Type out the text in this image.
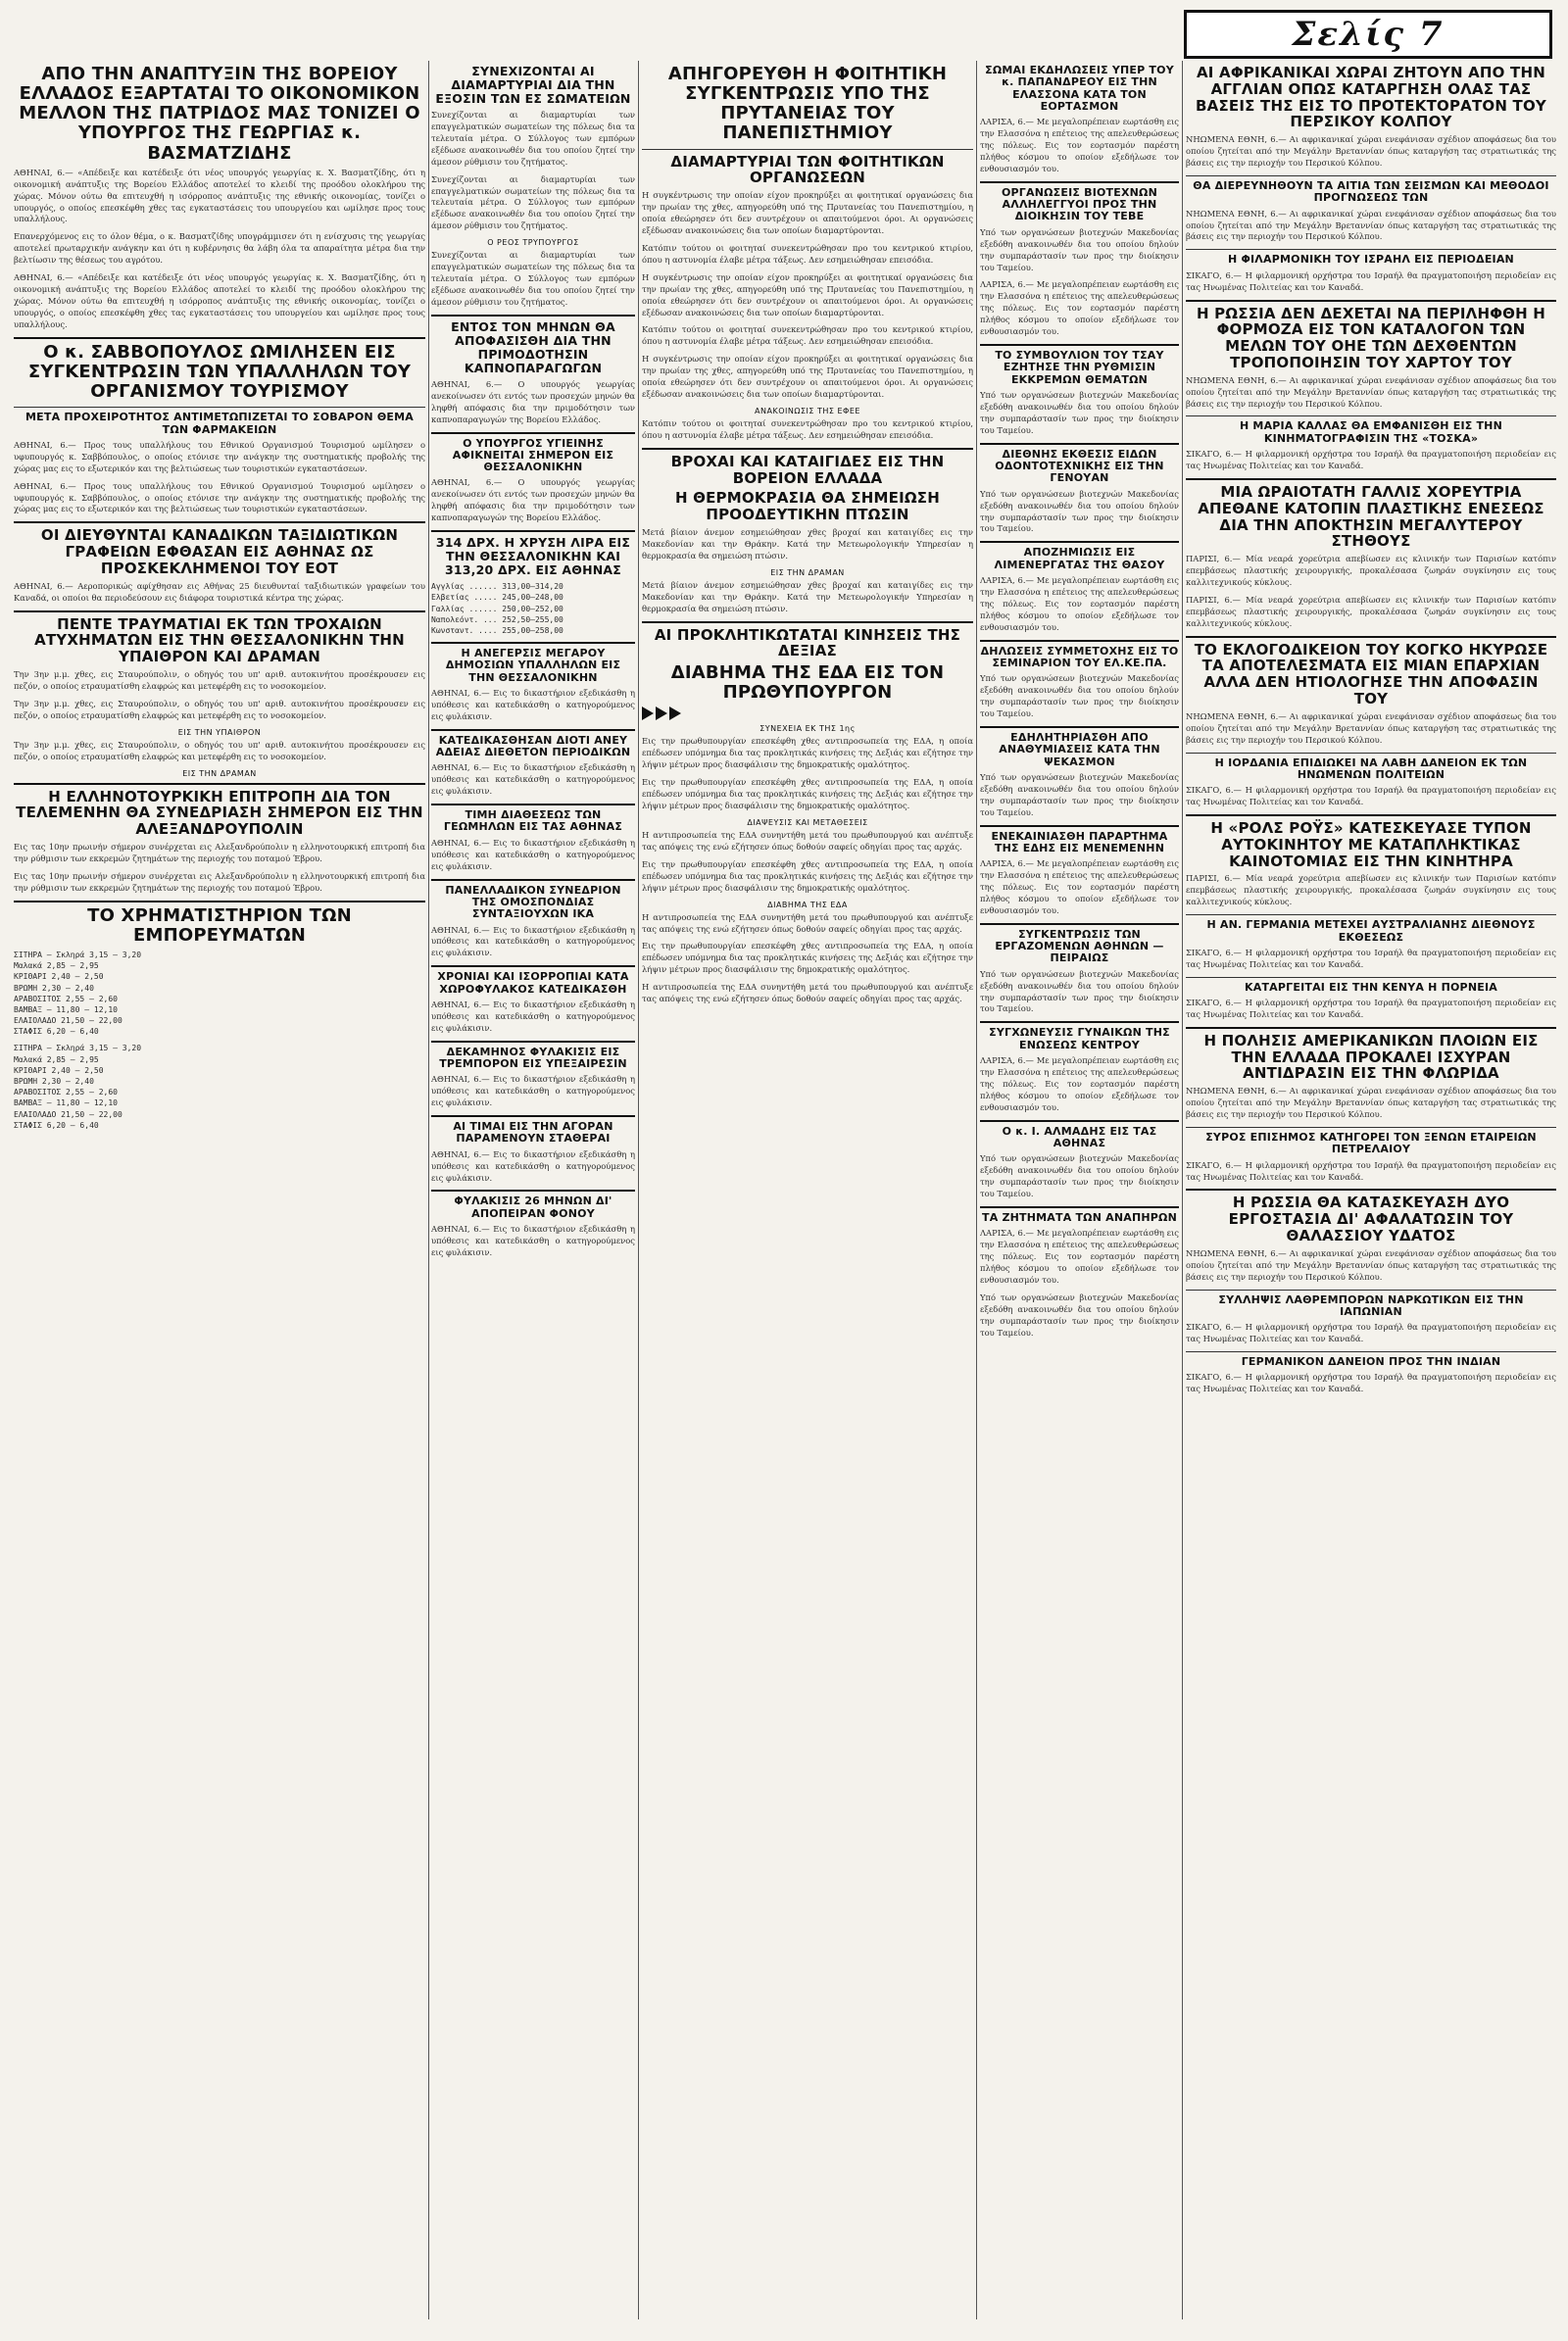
Σελίς 7
ΑΠΟ ΤΗΝ ΑΝΑΠΤΥΞΙΝ ΤΗΣ ΒΟΡΕΙΟΥ ΕΛΛΑΔΟΣ ΕΞΑΡΤΑΤΑΙ ΤΟ ΟΙΚΟΝΟΜΙΚΟΝ ΜΕΛΛΟΝ ΤΗΣ ΠΑΤΡΙΔΟΣ ΜΑΣ ΤΟΝΙΖΕΙ Ο ΥΠΟΥΡΓΟΣ ΤΗΣ ΓΕΩΡΓΙΑΣ κ. ΒΑΣΜΑΤΖΙΔΗΣ

ΑΘΗΝΑΙ, 6.— «Απέδειξε και κατέδειξε ότι νέος υπουργός γεωργίας κ. Χ. Βασματζίδης, ότι η οικονομική ανάπτυξις της Βορείου Ελλάδος αποτελεί το κλειδί της προόδου ολοκλήρου της χώρας. Μόνον ούτω θα επιτευχθή η ισόρροπος ανάπτυξις της εθνικής οικονομίας, τονίζει ο υπουργός, ο οποίος επεσκέφθη χθες τας εγκαταστάσεις του υπουργείου και ωμίλησε προς τους υπαλλήλους.

Επανερχόμενος εις το όλον θέμα, ο κ. Βασματζίδης υπογράμμισεν ότι η ενίσχυσις της γεωργίας αποτελεί πρωταρχικήν ανάγκην και ότι η κυβέρνησις θα λάβη όλα τα απαραίτητα μέτρα δια την βελτίωσιν της θέσεως του αγρότου.

ΑΘΗΝΑΙ, 6.— «Απέδειξε και κατέδειξε ότι νέος υπουργός γεωργίας κ. Χ. Βασματζίδης, ότι η οικονομική ανάπτυξις της Βορείου Ελλάδος αποτελεί το κλειδί της προόδου ολοκλήρου της χώρας. Μόνον ούτω θα επιτευχθή η ισόρροπος ανάπτυξις της εθνικής οικονομίας, τονίζει ο υπουργός, ο οποίος επεσκέφθη χθες τας εγκαταστάσεις του υπουργείου και ωμίλησε προς τους υπαλλήλους.

Ο κ. ΣΑΒΒΟΠΟΥΛΟΣ ΩΜΙΛΗΣΕΝ ΕΙΣ ΣΥΓΚΕΝΤΡΩΣΙΝ ΤΩΝ ΥΠΑΛΛΗΛΩΝ ΤΟΥ ΟΡΓΑΝΙΣΜΟΥ ΤΟΥΡΙΣΜΟΥ
ΜΕΤΑ ΠΡΟΧΕΙΡΟΤΗΤΟΣ ΑΝΤΙΜΕΤΩΠΙΖΕΤΑΙ ΤΟ ΣΟΒΑΡΟΝ ΘΕΜΑ ΤΩΝ ΦΑΡΜΑΚΕΙΩΝ

ΑΘΗΝΑΙ, 6.— Προς τους υπαλλήλους του Εθνικού Οργανισμού Τουρισμού ωμίλησεν ο υφυπουργός κ. Σαββόπουλος, ο οποίος ετόνισε την ανάγκην της συστηματικής προβολής της χώρας μας εις το εξωτερικόν και της βελτιώσεως των τουριστικών εγκαταστάσεων.

ΑΘΗΝΑΙ, 6.— Προς τους υπαλλήλους του Εθνικού Οργανισμού Τουρισμού ωμίλησεν ο υφυπουργός κ. Σαββόπουλος, ο οποίος ετόνισε την ανάγκην της συστηματικής προβολής της χώρας μας εις το εξωτερικόν και της βελτιώσεως των τουριστικών εγκαταστάσεων.

ΟΙ ΔΙΕΥΘΥΝΤΑΙ ΚΑΝΑΔΙΚΩΝ ΤΑΞΙΔΙΩΤΙΚΩΝ ΓΡΑΦΕΙΩΝ ΕΦΘΑΣΑΝ ΕΙΣ ΑΘΗΝΑΣ ΩΣ ΠΡΟΣΚΕΚΛΗΜΕΝΟΙ ΤΟΥ ΕΟΤ

ΑΘΗΝΑΙ, 6.— Αεροπορικώς αφίχθησαν εις Αθήνας 25 διευθυνταί ταξιδιωτικών γραφείων του Καναδά, οι οποίοι θα περιοδεύσουν εις διάφορα τουριστικά κέντρα της χώρας.

ΠΕΝΤΕ ΤΡΑΥΜΑΤΙΑΙ ΕΚ ΤΩΝ ΤΡΟΧΑΙΩΝ ΑΤΥΧΗΜΑΤΩΝ ΕΙΣ ΤΗΝ ΘΕΣΣΑΛΟΝΙΚΗΝ ΤΗΝ ΥΠΑΙΘΡΟΝ ΚΑΙ ΔΡΑΜΑΝ

Την 3ην μ.μ. χθες, εις Σταυρούπολιν, ο οδηγός του υπ' αριθ. αυτοκινήτου προσέκρουσεν εις πεζόν, ο οποίος ετραυματίσθη ελαφρώς και μετεφέρθη εις το νοσοκομείον.

Την 3ην μ.μ. χθες, εις Σταυρούπολιν, ο οδηγός του υπ' αριθ. αυτοκινήτου προσέκρουσεν εις πεζόν, ο οποίος ετραυματίσθη ελαφρώς και μετεφέρθη εις το νοσοκομείον.

ΕΙΣ ΤΗΝ ΥΠΑΙΘΡΟΝ

Την 3ην μ.μ. χθες, εις Σταυρούπολιν, ο οδηγός του υπ' αριθ. αυτοκινήτου προσέκρουσεν εις πεζόν, ο οποίος ετραυματίσθη ελαφρώς και μετεφέρθη εις το νοσοκομείον.

ΕΙΣ ΤΗΝ ΔΡΑΜΑΝ
Η ΕΛΛΗΝΟΤΟΥΡΚΙΚΗ ΕΠΙΤΡΟΠΗ ΔΙΑ ΤΟΝ ΤΕΛΕΜΕΝΗΝ ΘΑ ΣΥΝΕΔΡΙΑΣΗ ΣΗΜΕΡΟΝ ΕΙΣ ΤΗΝ ΑΛΕΞΑΝΔΡΟΥΠΟΛΙΝ

Εις τας 10ην πρωινήν σήμερον συνέρχεται εις Αλεξανδρούπολιν η ελληνοτουρκική επιτροπή δια την ρύθμισιν των εκκρεμών ζητημάτων της περιοχής του ποταμού Έβρου.

Εις τας 10ην πρωινήν σήμερον συνέρχεται εις Αλεξανδρούπολιν η ελληνοτουρκική επιτροπή δια την ρύθμισιν των εκκρεμών ζητημάτων της περιοχής του ποταμού Έβρου.

ΤΟ ΧΡΗΜΑΤΙΣΤΗΡΙΟΝ ΤΩΝ ΕΜΠΟΡΕΥΜΑΤΩΝ
ΣΙΤΗΡΑ — Σκληρά 3,15 — 3,20
Μαλακά 2,85 — 2,95
ΚΡΙΘΑΡΙ 2,40 — 2,50
ΒΡΩΜΗ 2,30 — 2,40
ΑΡΑΒΟΣΙΤΟΣ 2,55 — 2,60
ΒΑΜΒΑΞ — 11,80 — 12,10
ΕΛΑΙΟΛΑΔΟ 21,50 — 22,00
ΣΤΑΦΙΣ 6,20 — 6,40
ΣΙΤΗΡΑ — Σκληρά 3,15 — 3,20
Μαλακά 2,85 — 2,95
ΚΡΙΘΑΡΙ 2,40 — 2,50
ΒΡΩΜΗ 2,30 — 2,40
ΑΡΑΒΟΣΙΤΟΣ 2,55 — 2,60
ΒΑΜΒΑΞ — 11,80 — 12,10
ΕΛΑΙΟΛΑΔΟ 21,50 — 22,00
ΣΤΑΦΙΣ 6,20 — 6,40
ΣΥΝΕΧΙΖΟΝΤΑΙ ΑΙ ΔΙΑΜΑΡΤΥΡΙΑΙ ΔΙΑ ΤΗΝ ΕΞΟΣΙΝ ΤΩΝ ΕΣ ΣΩΜΑΤΕΙΩΝ

Συνεχίζονται αι διαμαρτυρίαι των επαγγελματικών σωματείων της πόλεως δια τα τελευταία μέτρα. Ο Σύλλογος των εμπόρων εξέδωσε ανακοινωθέν δια του οποίου ζητεί την άμεσον ρύθμισιν του ζητήματος.

Συνεχίζονται αι διαμαρτυρίαι των επαγγελματικών σωματείων της πόλεως δια τα τελευταία μέτρα. Ο Σύλλογος των εμπόρων εξέδωσε ανακοινωθέν δια του οποίου ζητεί την άμεσον ρύθμισιν του ζητήματος.

Ο ΡΕΟΣ ΤΡΥΠΟΥΡΓΟΣ

Συνεχίζονται αι διαμαρτυρίαι των επαγγελματικών σωματείων της πόλεως δια τα τελευταία μέτρα. Ο Σύλλογος των εμπόρων εξέδωσε ανακοινωθέν δια του οποίου ζητεί την άμεσον ρύθμισιν του ζητήματος.

ΕΝΤΟΣ ΤΟΝ ΜΗΝΩΝ ΘΑ ΑΠΟΦΑΣΙΣΘΗ ΔΙΑ ΤΗΝ ΠΡΙΜΟΔΟΤΗΣΙΝ ΚΑΠΝΟΠΑΡΑΓΩΓΩΝ

ΑΘΗΝΑΙ, 6.— Ο υπουργός γεωργίας ανεκοίνωσεν ότι εντός των προσεχών μηνών θα ληφθή απόφασις δια την πριμοδότησιν των καπνοπαραγωγών της Βορείου Ελλάδος.

Ο ΥΠΟΥΡΓΟΣ ΥΓΙΕΙΝΗΣ ΑΦΙΚΝΕΙΤΑΙ ΣΗΜΕΡΟΝ ΕΙΣ ΘΕΣΣΑΛΟΝΙΚΗΝ

ΑΘΗΝΑΙ, 6.— Ο υπουργός γεωργίας ανεκοίνωσεν ότι εντός των προσεχών μηνών θα ληφθή απόφασις δια την πριμοδότησιν των καπνοπαραγωγών της Βορείου Ελλάδος.

314 ΔΡΧ. Η ΧΡΥΣΗ ΛΙΡΑ ΕΙΣ ΤΗΝ ΘΕΣΣΑΛΟΝΙΚΗΝ ΚΑΙ 313,20 ΔΡΧ. ΕΙΣ ΑΘΗΝΑΣ
Αγγλίας ...... 313,00—314,20
Ελβετίας ..... 245,00—248,00
Γαλλίας ...... 250,00—252,00
Ναπολεόντ. ... 252,50—255,00
Κωνσταντ. .... 255,00—258,00
Η ΑΝΕΓΕΡΣΙΣ ΜΕΓΑΡΟΥ ΔΗΜΟΣΙΩΝ ΥΠΑΛΛΗΛΩΝ ΕΙΣ ΤΗΝ ΘΕΣΣΑΛΟΝΙΚΗΝ

ΑΘΗΝΑΙ, 6.— Εις το δικαστήριον εξεδικάσθη η υπόθεσις και κατεδικάσθη ο κατηγορούμενος εις φυλάκισιν.

ΚΑΤΕΔΙΚΑΣΘΗΣΑΝ ΔΙΟΤΙ ΑΝΕΥ ΑΔΕΙΑΣ ΔΙΕΘΕΤΟΝ ΠΕΡΙΟΔΙΚΩΝ

ΑΘΗΝΑΙ, 6.— Εις το δικαστήριον εξεδικάσθη η υπόθεσις και κατεδικάσθη ο κατηγορούμενος εις φυλάκισιν.

ΤΙΜΗ ΔΙΑΘΕΣΕΩΣ ΤΩΝ ΓΕΩΜΗΛΩΝ ΕΙΣ ΤΑΣ ΑΘΗΝΑΣ

ΑΘΗΝΑΙ, 6.— Εις το δικαστήριον εξεδικάσθη η υπόθεσις και κατεδικάσθη ο κατηγορούμενος εις φυλάκισιν.

ΠΑΝΕΛΛΑΔΙΚΟΝ ΣΥΝΕΔΡΙΟΝ ΤΗΣ ΟΜΟΣΠΟΝΔΙΑΣ ΣΥΝΤΑΞΙΟΥΧΩΝ ΙΚΑ

ΑΘΗΝΑΙ, 6.— Εις το δικαστήριον εξεδικάσθη η υπόθεσις και κατεδικάσθη ο κατηγορούμενος εις φυλάκισιν.

ΧΡΟΝΙΑΙ ΚΑΙ ΙΣΟΡΡΟΠΙΑΙ ΚΑΤΑ ΧΩΡΟΦΥΛΑΚΟΣ ΚΑΤΕΔΙΚΑΣΘΗ

ΑΘΗΝΑΙ, 6.— Εις το δικαστήριον εξεδικάσθη η υπόθεσις και κατεδικάσθη ο κατηγορούμενος εις φυλάκισιν.

ΔΕΚΑΜΗΝΟΣ ΦΥΛΑΚΙΣΙΣ ΕΙΣ ΤΡΕΜΠΟΡΟΝ ΕΙΣ ΥΠΕΞΑΙΡΕΣΙΝ

ΑΘΗΝΑΙ, 6.— Εις το δικαστήριον εξεδικάσθη η υπόθεσις και κατεδικάσθη ο κατηγορούμενος εις φυλάκισιν.

ΑΙ ΤΙΜΑΙ ΕΙΣ ΤΗΝ ΑΓΟΡΑΝ ΠΑΡΑΜΕΝΟΥΝ ΣΤΑΘΕΡΑΙ

ΑΘΗΝΑΙ, 6.— Εις το δικαστήριον εξεδικάσθη η υπόθεσις και κατεδικάσθη ο κατηγορούμενος εις φυλάκισιν.

ΦΥΛΑΚΙΣΙΣ 26 ΜΗΝΩΝ ΔΙ' ΑΠΟΠΕΙΡΑΝ ΦΟΝΟΥ

ΑΘΗΝΑΙ, 6.— Εις το δικαστήριον εξεδικάσθη η υπόθεσις και κατεδικάσθη ο κατηγορούμενος εις φυλάκισιν.

ΑΠΗΓΟΡΕΥΘΗ Η ΦΟΙΤΗΤΙΚΗ ΣΥΓΚΕΝΤΡΩΣΙΣ ΥΠΟ ΤΗΣ ΠΡΥΤΑΝΕΙΑΣ ΤΟΥ ΠΑΝΕΠΙΣΤΗΜΙΟΥ
ΔΙΑΜΑΡΤΥΡΙΑΙ ΤΩΝ ΦΟΙΤΗΤΙΚΩΝ ΟΡΓΑΝΩΣΕΩΝ

Η συγκέντρωσις την οποίαν είχον προκηρύξει αι φοιτητικαί οργανώσεις δια την πρωίαν της χθες, απηγορεύθη υπό της Πρυτανείας του Πανεπιστημίου, η οποία εθεώρησεν ότι δεν συντρέχουν οι απαιτούμενοι όροι. Αι οργανώσεις εξέδωσαν ανακοινώσεις δια των οποίων διαμαρτύρονται.

Κατόπιν τούτου οι φοιτηταί συνεκεντρώθησαν προ του κεντρικού κτιρίου, όπου η αστυνομία έλαβε μέτρα τάξεως. Δεν εσημειώθησαν επεισόδια.

Η συγκέντρωσις την οποίαν είχον προκηρύξει αι φοιτητικαί οργανώσεις δια την πρωίαν της χθες, απηγορεύθη υπό της Πρυτανείας του Πανεπιστημίου, η οποία εθεώρησεν ότι δεν συντρέχουν οι απαιτούμενοι όροι. Αι οργανώσεις εξέδωσαν ανακοινώσεις δια των οποίων διαμαρτύρονται.

Κατόπιν τούτου οι φοιτηταί συνεκεντρώθησαν προ του κεντρικού κτιρίου, όπου η αστυνομία έλαβε μέτρα τάξεως. Δεν εσημειώθησαν επεισόδια.

Η συγκέντρωσις την οποίαν είχον προκηρύξει αι φοιτητικαί οργανώσεις δια την πρωίαν της χθες, απηγορεύθη υπό της Πρυτανείας του Πανεπιστημίου, η οποία εθεώρησεν ότι δεν συντρέχουν οι απαιτούμενοι όροι. Αι οργανώσεις εξέδωσαν ανακοινώσεις δια των οποίων διαμαρτύρονται.

ΑΝΑΚΟΙΝΩΣΙΣ ΤΗΣ ΕΦΕΕ

Κατόπιν τούτου οι φοιτηταί συνεκεντρώθησαν προ του κεντρικού κτιρίου, όπου η αστυνομία έλαβε μέτρα τάξεως. Δεν εσημειώθησαν επεισόδια.

ΒΡΟΧΑΙ ΚΑΙ ΚΑΤΑΙΓΙΔΕΣ ΕΙΣ ΤΗΝ ΒΟΡΕΙΟΝ ΕΛΛΑΔΑ
Η ΘΕΡΜΟΚΡΑΣΙΑ ΘΑ ΣΗΜΕΙΩΣΗ ΠΡΟΟΔΕΥΤΙΚΗΝ ΠΤΩΣΙΝ

Μετά βίαιον άνεμον εσημειώθησαν χθες βροχαί και καταιγίδες εις την Μακεδονίαν και την Θράκην. Κατά την Μετεωρολογικήν Υπηρεσίαν η θερμοκρασία θα σημειώση πτώσιν.

ΕΙΣ ΤΗΝ ΔΡΑΜΑΝ

Μετά βίαιον άνεμον εσημειώθησαν χθες βροχαί και καταιγίδες εις την Μακεδονίαν και την Θράκην. Κατά την Μετεωρολογικήν Υπηρεσίαν η θερμοκρασία θα σημειώση πτώσιν.

ΑΙ ΠΡΟΚΛΗΤΙΚΩΤΑΤΑΙ ΚΙΝΗΣΕΙΣ ΤΗΣ ΔΕΞΙΑΣ
ΔΙΑΒΗΜΑ ΤΗΣ ΕΔΑ ΕΙΣ ΤΟΝ ΠΡΩΘΥΠΟΥΡΓΟΝ
ΣΥΝΕΧΕΙΑ ΕΚ ΤΗΣ 1ης

Εις την πρωθυπουργίαν επεσκέφθη χθες αντιπροσωπεία της ΕΔΑ, η οποία επέδωσεν υπόμνημα δια τας προκλητικάς κινήσεις της Δεξιάς και εζήτησε την λήψιν μέτρων προς διασφάλισιν της δημοκρατικής ομαλότητος.

Εις την πρωθυπουργίαν επεσκέφθη χθες αντιπροσωπεία της ΕΔΑ, η οποία επέδωσεν υπόμνημα δια τας προκλητικάς κινήσεις της Δεξιάς και εζήτησε την λήψιν μέτρων προς διασφάλισιν της δημοκρατικής ομαλότητος.

ΔΙΑΨΕΥΣΙΣ ΚΑΙ ΜΕΤΑΘΕΣΕΙΣ

Η αντιπροσωπεία της ΕΔΑ συνηντήθη μετά του πρωθυπουργού και ανέπτυξε τας απόψεις της ενώ εζήτησεν όπως δοθούν σαφείς οδηγίαι προς τας αρχάς.

Εις την πρωθυπουργίαν επεσκέφθη χθες αντιπροσωπεία της ΕΔΑ, η οποία επέδωσεν υπόμνημα δια τας προκλητικάς κινήσεις της Δεξιάς και εζήτησε την λήψιν μέτρων προς διασφάλισιν της δημοκρατικής ομαλότητος.

ΔΙΑΒΗΜΑ ΤΗΣ ΕΔΑ

Η αντιπροσωπεία της ΕΔΑ συνηντήθη μετά του πρωθυπουργού και ανέπτυξε τας απόψεις της ενώ εζήτησεν όπως δοθούν σαφείς οδηγίαι προς τας αρχάς.

Εις την πρωθυπουργίαν επεσκέφθη χθες αντιπροσωπεία της ΕΔΑ, η οποία επέδωσεν υπόμνημα δια τας προκλητικάς κινήσεις της Δεξιάς και εζήτησε την λήψιν μέτρων προς διασφάλισιν της δημοκρατικής ομαλότητος.

Η αντιπροσωπεία της ΕΔΑ συνηντήθη μετά του πρωθυπουργού και ανέπτυξε τας απόψεις της ενώ εζήτησεν όπως δοθούν σαφείς οδηγίαι προς τας αρχάς.

ΣΩΜΑΙ ΕΚΔΗΛΩΣΕΙΣ ΥΠΕΡ ΤΟΥ κ. ΠΑΠΑΝΔΡΕΟΥ ΕΙΣ ΤΗΝ ΕΛΑΣΣΟΝΑ ΚΑΤΑ ΤΟΝ ΕΟΡΤΑΣΜΟΝ

ΛΑΡΙΣΑ, 6.— Με μεγαλοπρέπειαν εωρτάσθη εις την Ελασσόνα η επέτειος της απελευθερώσεως της πόλεως. Εις τον εορτασμόν παρέστη πλήθος κόσμου το οποίον εξεδήλωσε τον ενθουσιασμόν του.

ΟΡΓΑΝΩΣΕΙΣ ΒΙΟΤΕΧΝΩΝ ΑΛΛΗΛΕΓΓΥΟΙ ΠΡΟΣ ΤΗΝ ΔΙΟΙΚΗΣΙΝ ΤΟΥ ΤΕΒΕ

Υπό των οργανώσεων βιοτεχνών Μακεδονίας εξεδόθη ανακοινωθέν δια του οποίου δηλούν την συμπαράστασίν των προς την διοίκησιν του Ταμείου.

ΛΑΡΙΣΑ, 6.— Με μεγαλοπρέπειαν εωρτάσθη εις την Ελασσόνα η επέτειος της απελευθερώσεως της πόλεως. Εις τον εορτασμόν παρέστη πλήθος κόσμου το οποίον εξεδήλωσε τον ενθουσιασμόν του.

ΤΟ ΣΥΜΒΟΥΛΙΟΝ ΤΟΥ ΤΣΑΥ ΕΖΗΤΗΣΕ ΤΗΝ ΡΥΘΜΙΣΙΝ ΕΚΚΡΕΜΩΝ ΘΕΜΑΤΩΝ

Υπό των οργανώσεων βιοτεχνών Μακεδονίας εξεδόθη ανακοινωθέν δια του οποίου δηλούν την συμπαράστασίν των προς την διοίκησιν του Ταμείου.

ΔΙΕΘΝΗΣ ΕΚΘΕΣΙΣ ΕΙΔΩΝ ΟΔΟΝΤΟΤΕΧΝΙΚΗΣ ΕΙΣ ΤΗΝ ΓΕΝΟΥΑΝ

Υπό των οργανώσεων βιοτεχνών Μακεδονίας εξεδόθη ανακοινωθέν δια του οποίου δηλούν την συμπαράστασίν των προς την διοίκησιν του Ταμείου.

ΑΠΟΖΗΜΙΩΣΙΣ ΕΙΣ ΛΙΜΕΝΕΡΓΑΤΑΣ ΤΗΣ ΘΑΣΟΥ

ΛΑΡΙΣΑ, 6.— Με μεγαλοπρέπειαν εωρτάσθη εις την Ελασσόνα η επέτειος της απελευθερώσεως της πόλεως. Εις τον εορτασμόν παρέστη πλήθος κόσμου το οποίον εξεδήλωσε τον ενθουσιασμόν του.

ΔΗΛΩΣΕΙΣ ΣΥΜΜΕΤΟΧΗΣ ΕΙΣ ΤΟ ΣΕΜΙΝΑΡΙΟΝ ΤΟΥ ΕΛ.ΚΕ.ΠΑ.

Υπό των οργανώσεων βιοτεχνών Μακεδονίας εξεδόθη ανακοινωθέν δια του οποίου δηλούν την συμπαράστασίν των προς την διοίκησιν του Ταμείου.

ΕΔΗΛΗΤΗΡΙΑΣΘΗ ΑΠΟ ΑΝΑΘΥΜΙΑΣΕΙΣ ΚΑΤΑ ΤΗΝ ΨΕΚΑΣΜΟΝ

Υπό των οργανώσεων βιοτεχνών Μακεδονίας εξεδόθη ανακοινωθέν δια του οποίου δηλούν την συμπαράστασίν των προς την διοίκησιν του Ταμείου.

ΕΝΕΚΑΙΝΙΑΣΘΗ ΠΑΡΑΡΤΗΜΑ ΤΗΣ ΕΔΗΣ ΕΙΣ ΜΕΝΕΜΕΝΗΝ

ΛΑΡΙΣΑ, 6.— Με μεγαλοπρέπειαν εωρτάσθη εις την Ελασσόνα η επέτειος της απελευθερώσεως της πόλεως. Εις τον εορτασμόν παρέστη πλήθος κόσμου το οποίον εξεδήλωσε τον ενθουσιασμόν του.

ΣΥΓΚΕΝΤΡΩΣΙΣ ΤΩΝ ΕΡΓΑΖΟΜΕΝΩΝ ΑΘΗΝΩΝ — ΠΕΙΡΑΙΩΣ

Υπό των οργανώσεων βιοτεχνών Μακεδονίας εξεδόθη ανακοινωθέν δια του οποίου δηλούν την συμπαράστασίν των προς την διοίκησιν του Ταμείου.

ΣΥΓΧΩΝΕΥΣΙΣ ΓΥΝΑΙΚΩΝ ΤΗΣ ΕΝΩΣΕΩΣ ΚΕΝΤΡΟΥ

ΛΑΡΙΣΑ, 6.— Με μεγαλοπρέπειαν εωρτάσθη εις την Ελασσόνα η επέτειος της απελευθερώσεως της πόλεως. Εις τον εορτασμόν παρέστη πλήθος κόσμου το οποίον εξεδήλωσε τον ενθουσιασμόν του.

Ο κ. Ι. ΑΛΜΑΔΗΣ ΕΙΣ ΤΑΣ ΑΘΗΝΑΣ

Υπό των οργανώσεων βιοτεχνών Μακεδονίας εξεδόθη ανακοινωθέν δια του οποίου δηλούν την συμπαράστασίν των προς την διοίκησιν του Ταμείου.

ΤΑ ΖΗΤΗΜΑΤΑ ΤΩΝ ΑΝΑΠΗΡΩΝ

ΛΑΡΙΣΑ, 6.— Με μεγαλοπρέπειαν εωρτάσθη εις την Ελασσόνα η επέτειος της απελευθερώσεως της πόλεως. Εις τον εορτασμόν παρέστη πλήθος κόσμου το οποίον εξεδήλωσε τον ενθουσιασμόν του.

Υπό των οργανώσεων βιοτεχνών Μακεδονίας εξεδόθη ανακοινωθέν δια του οποίου δηλούν την συμπαράστασίν των προς την διοίκησιν του Ταμείου.

ΑΙ ΑΦΡΙΚΑΝΙΚΑΙ ΧΩΡΑΙ ΖΗΤΟΥΝ ΑΠΟ ΤΗΝ ΑΓΓΛΙΑΝ ΟΠΩΣ ΚΑΤΑΡΓΗΣΗ ΟΛΑΣ ΤΑΣ ΒΑΣΕΙΣ ΤΗΣ ΕΙΣ ΤΟ ΠΡΟΤΕΚΤΟΡΑΤΟΝ ΤΟΥ ΠΕΡΣΙΚΟΥ ΚΟΛΠΟΥ

ΝΗΩΜΕΝΑ ΕΘΝΗ, 6.— Αι αφρικανικαί χώραι ενεφάνισαν σχέδιον αποφάσεως δια του οποίου ζητείται από την Μεγάλην Βρεταννίαν όπως καταργήση τας στρατιωτικάς της βάσεις εις την περιοχήν του Περσικού Κόλπου.

ΘΑ ΔΙΕΡΕΥΝΗΘΟΥΝ ΤΑ ΑΙΤΙΑ ΤΩΝ ΣΕΙΣΜΩΝ ΚΑΙ ΜΕΘΟΔΟΙ ΠΡΟΓΝΩΣΕΩΣ ΤΩΝ

ΝΗΩΜΕΝΑ ΕΘΝΗ, 6.— Αι αφρικανικαί χώραι ενεφάνισαν σχέδιον αποφάσεως δια του οποίου ζητείται από την Μεγάλην Βρεταννίαν όπως καταργήση τας στρατιωτικάς της βάσεις εις την περιοχήν του Περσικού Κόλπου.

Η ΦΙΛΑΡΜΟΝΙΚΗ ΤΟΥ ΙΣΡΑΗΛ ΕΙΣ ΠΕΡΙΟΔΕΙΑΝ

ΣΙΚΑΓΟ, 6.— Η φιλαρμονική ορχήστρα του Ισραήλ θα πραγματοποιήση περιοδείαν εις τας Ηνωμένας Πολιτείας και τον Καναδά.

Η ΡΩΣΣΙΑ ΔΕΝ ΔΕΧΕΤΑΙ ΝΑ ΠΕΡΙΛΗΦΘΗ Η ΦΟΡΜΟΖΑ ΕΙΣ ΤΟΝ ΚΑΤΑΛΟΓΟΝ ΤΩΝ ΜΕΛΩΝ ΤΟΥ ΟΗΕ ΤΩΝ ΔΕΧΘΕΝΤΩΝ ΤΡΟΠΟΠΟΙΗΣΙΝ ΤΟΥ ΧΑΡΤΟΥ ΤΟΥ

ΝΗΩΜΕΝΑ ΕΘΝΗ, 6.— Αι αφρικανικαί χώραι ενεφάνισαν σχέδιον αποφάσεως δια του οποίου ζητείται από την Μεγάλην Βρεταννίαν όπως καταργήση τας στρατιωτικάς της βάσεις εις την περιοχήν του Περσικού Κόλπου.

Η ΜΑΡΙΑ ΚΑΛΛΑΣ ΘΑ ΕΜΦΑΝΙΣΘΗ ΕΙΣ ΤΗΝ ΚΙΝΗΜΑΤΟΓΡΑΦΙΣΙΝ ΤΗΣ «ΤΟΣΚΑ»

ΣΙΚΑΓΟ, 6.— Η φιλαρμονική ορχήστρα του Ισραήλ θα πραγματοποιήση περιοδείαν εις τας Ηνωμένας Πολιτείας και τον Καναδά.

ΜΙΑ ΩΡΑΙΟΤΑΤΗ ΓΑΛΛΙΣ ΧΟΡΕΥΤΡΙΑ ΑΠΕΘΑΝΕ ΚΑΤΟΠΙΝ ΠΛΑΣΤΙΚΗΣ ΕΝΕΣΕΩΣ ΔΙΑ ΤΗΝ ΑΠΟΚΤΗΣΙΝ ΜΕΓΑΛΥΤΕΡΟΥ ΣΤΗΘΟΥΣ

ΠΑΡΙΣΙ, 6.— Μία νεαρά χορεύτρια απεβίωσεν εις κλινικήν των Παρισίων κατόπιν επεμβάσεως πλαστικής χειρουργικής, προκαλέσασα ζωηράν συγκίνησιν εις τους καλλιτεχνικούς κύκλους.

ΠΑΡΙΣΙ, 6.— Μία νεαρά χορεύτρια απεβίωσεν εις κλινικήν των Παρισίων κατόπιν επεμβάσεως πλαστικής χειρουργικής, προκαλέσασα ζωηράν συγκίνησιν εις τους καλλιτεχνικούς κύκλους.

ΤΟ ΕΚΛΟΓΟΔΙΚΕΙΟΝ ΤΟΥ ΚΟΓΚΟ ΗΚΥΡΩΣΕ ΤΑ ΑΠΟΤΕΛΕΣΜΑΤΑ ΕΙΣ ΜΙΑΝ ΕΠΑΡΧΙΑΝ ΑΛΛΑ ΔΕΝ ΗΤΙΟΛΟΓΗΣΕ ΤΗΝ ΑΠΟΦΑΣΙΝ ΤΟΥ

ΝΗΩΜΕΝΑ ΕΘΝΗ, 6.— Αι αφρικανικαί χώραι ενεφάνισαν σχέδιον αποφάσεως δια του οποίου ζητείται από την Μεγάλην Βρεταννίαν όπως καταργήση τας στρατιωτικάς της βάσεις εις την περιοχήν του Περσικού Κόλπου.

Η ΙΟΡΔΑΝΙΑ ΕΠΙΔΙΩΚΕΙ ΝΑ ΛΑΒΗ ΔΑΝΕΙΟΝ ΕΚ ΤΩΝ ΗΝΩΜΕΝΩΝ ΠΟΛΙΤΕΙΩΝ

ΣΙΚΑΓΟ, 6.— Η φιλαρμονική ορχήστρα του Ισραήλ θα πραγματοποιήση περιοδείαν εις τας Ηνωμένας Πολιτείας και τον Καναδά.

Η «ΡΟΛΣ ΡΟΫΣ» ΚΑΤΕΣΚΕΥΑΣΕ ΤΥΠΟΝ ΑΥΤΟΚΙΝΗΤΟΥ ΜΕ ΚΑΤΑΠΛΗΚΤΙΚΑΣ ΚΑΙΝΟΤΟΜΙΑΣ ΕΙΣ ΤΗΝ ΚΙΝΗΤΗΡΑ

ΠΑΡΙΣΙ, 6.— Μία νεαρά χορεύτρια απεβίωσεν εις κλινικήν των Παρισίων κατόπιν επεμβάσεως πλαστικής χειρουργικής, προκαλέσασα ζωηράν συγκίνησιν εις τους καλλιτεχνικούς κύκλους.

Η ΑΝ. ΓΕΡΜΑΝΙΑ ΜΕΤΕΧΕΙ ΑΥΣΤΡΑΛΙΑΝΗΣ ΔΙΕΘΝΟΥΣ ΕΚΘΕΣΕΩΣ

ΣΙΚΑΓΟ, 6.— Η φιλαρμονική ορχήστρα του Ισραήλ θα πραγματοποιήση περιοδείαν εις τας Ηνωμένας Πολιτείας και τον Καναδά.

ΚΑΤΑΡΓΕΙΤΑΙ ΕΙΣ ΤΗΝ ΚΕΝΥΑ Η ΠΟΡΝΕΙΑ

ΣΙΚΑΓΟ, 6.— Η φιλαρμονική ορχήστρα του Ισραήλ θα πραγματοποιήση περιοδείαν εις τας Ηνωμένας Πολιτείας και τον Καναδά.

Η ΠΟΛΗΣΙΣ ΑΜΕΡΙΚΑΝΙΚΩΝ ΠΛΟΙΩΝ ΕΙΣ ΤΗΝ ΕΛΛΑΔΑ ΠΡΟΚΑΛΕΙ ΙΣΧΥΡΑΝ ΑΝΤΙΔΡΑΣΙΝ ΕΙΣ ΤΗΝ ΦΛΩΡΙΔΑ

ΝΗΩΜΕΝΑ ΕΘΝΗ, 6.— Αι αφρικανικαί χώραι ενεφάνισαν σχέδιον αποφάσεως δια του οποίου ζητείται από την Μεγάλην Βρεταννίαν όπως καταργήση τας στρατιωτικάς της βάσεις εις την περιοχήν του Περσικού Κόλπου.

ΣΥΡΟΣ ΕΠΙΣΗΜΟΣ ΚΑΤΗΓΟΡΕΙ ΤΟΝ ΞΕΝΩΝ ΕΤΑΙΡΕΙΩΝ ΠΕΤΡΕΛΑΙΟΥ

ΣΙΚΑΓΟ, 6.— Η φιλαρμονική ορχήστρα του Ισραήλ θα πραγματοποιήση περιοδείαν εις τας Ηνωμένας Πολιτείας και τον Καναδά.

Η ΡΩΣΣΙΑ ΘΑ ΚΑΤΑΣΚΕΥΑΣΗ ΔΥΟ ΕΡΓΟΣΤΑΣΙΑ ΔΙ' ΑΦΑΛΑΤΩΣΙΝ ΤΟΥ ΘΑΛΑΣΣΙΟΥ ΥΔΑΤΟΣ

ΝΗΩΜΕΝΑ ΕΘΝΗ, 6.— Αι αφρικανικαί χώραι ενεφάνισαν σχέδιον αποφάσεως δια του οποίου ζητείται από την Μεγάλην Βρεταννίαν όπως καταργήση τας στρατιωτικάς της βάσεις εις την περιοχήν του Περσικού Κόλπου.

ΣΥΛΛΗΨΙΣ ΛΑΘΡΕΜΠΟΡΩΝ ΝΑΡΚΩΤΙΚΩΝ ΕΙΣ ΤΗΝ ΙΑΠΩΝΙΑΝ

ΣΙΚΑΓΟ, 6.— Η φιλαρμονική ορχήστρα του Ισραήλ θα πραγματοποιήση περιοδείαν εις τας Ηνωμένας Πολιτείας και τον Καναδά.

ΓΕΡΜΑΝΙΚΟΝ ΔΑΝΕΙΟΝ ΠΡΟΣ ΤΗΝ ΙΝΔΙΑΝ

ΣΙΚΑΓΟ, 6.— Η φιλαρμονική ορχήστρα του Ισραήλ θα πραγματοποιήση περιοδείαν εις τας Ηνωμένας Πολιτείας και τον Καναδά.
